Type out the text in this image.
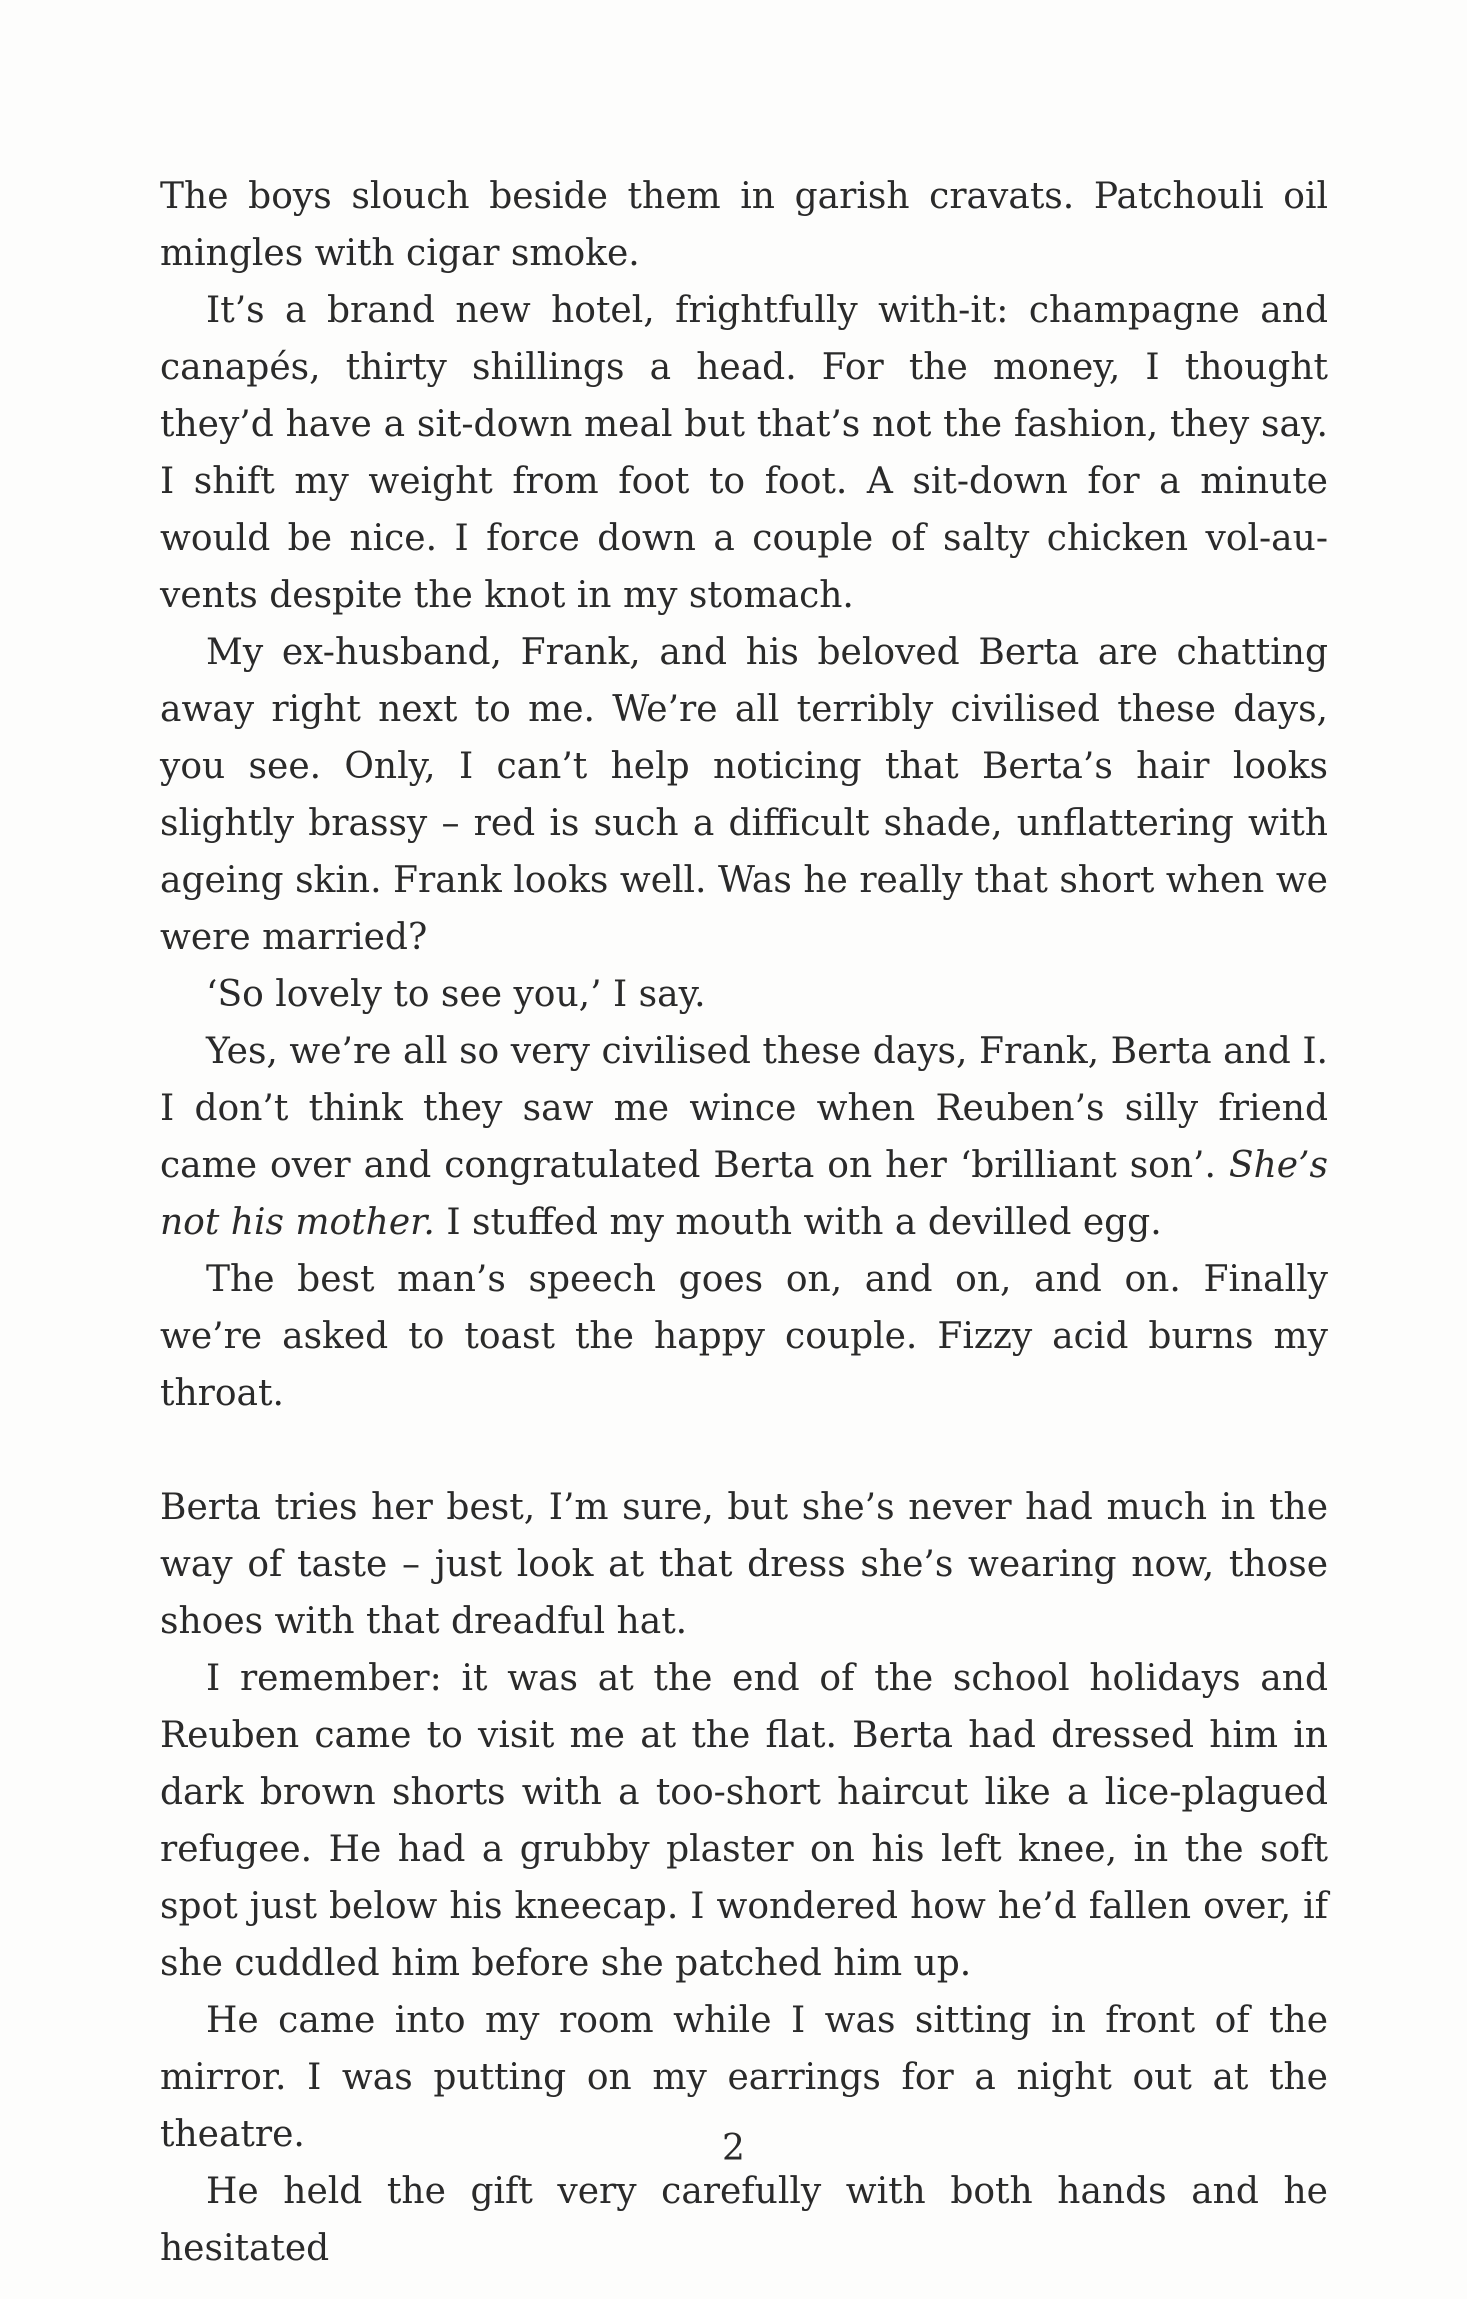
The boys slouch beside them in garish cravats. Patchouli oil mingles with cigar smoke.

It’s a brand new hotel, frightfully with-it: champagne and canapés, thirty shillings a head. For the money, I thought they’d have a sit-down meal but that’s not the fashion, they say. I shift my weight from foot to foot. A sit-down for a minute would be nice. I force down a couple of salty chicken vol-au-vents despite the knot in my stomach.

My ex-husband, Frank, and his beloved Berta are chatting away right next to me. We’re all terribly civilised these days, you see. Only, I can’t help noticing that Berta’s hair looks slightly brassy – red is such a difficult shade, unflattering with ageing skin. Frank looks well. Was he really that short when we were married?

‘So lovely to see you,’ I say.

Yes, we’re all so very civilised these days, Frank, Berta and I. I don’t think they saw me wince when Reuben’s silly friend came over and congratulated Berta on her ‘brilliant son’. She’s not his mother. I stuffed my mouth with a devilled egg.

The best man’s speech goes on, and on, and on. Finally we’re asked to toast the happy couple. Fizzy acid burns my throat.

Berta tries her best, I’m sure, but she’s never had much in the way of taste – just look at that dress she’s wearing now, those shoes with that dreadful hat.

I remember: it was at the end of the school holidays and Reuben came to visit me at the flat. Berta had dressed him in dark brown shorts with a too-short haircut like a lice-plagued refugee. He had a grubby plaster on his left knee, in the soft spot just below his kneecap. I wondered how he’d fallen over, if she cuddled him before she patched him up.

He came into my room while I was sitting in front of the mirror. I was putting on my earrings for a night out at the theatre.

He held the gift very carefully with both hands and he hesitated

2
